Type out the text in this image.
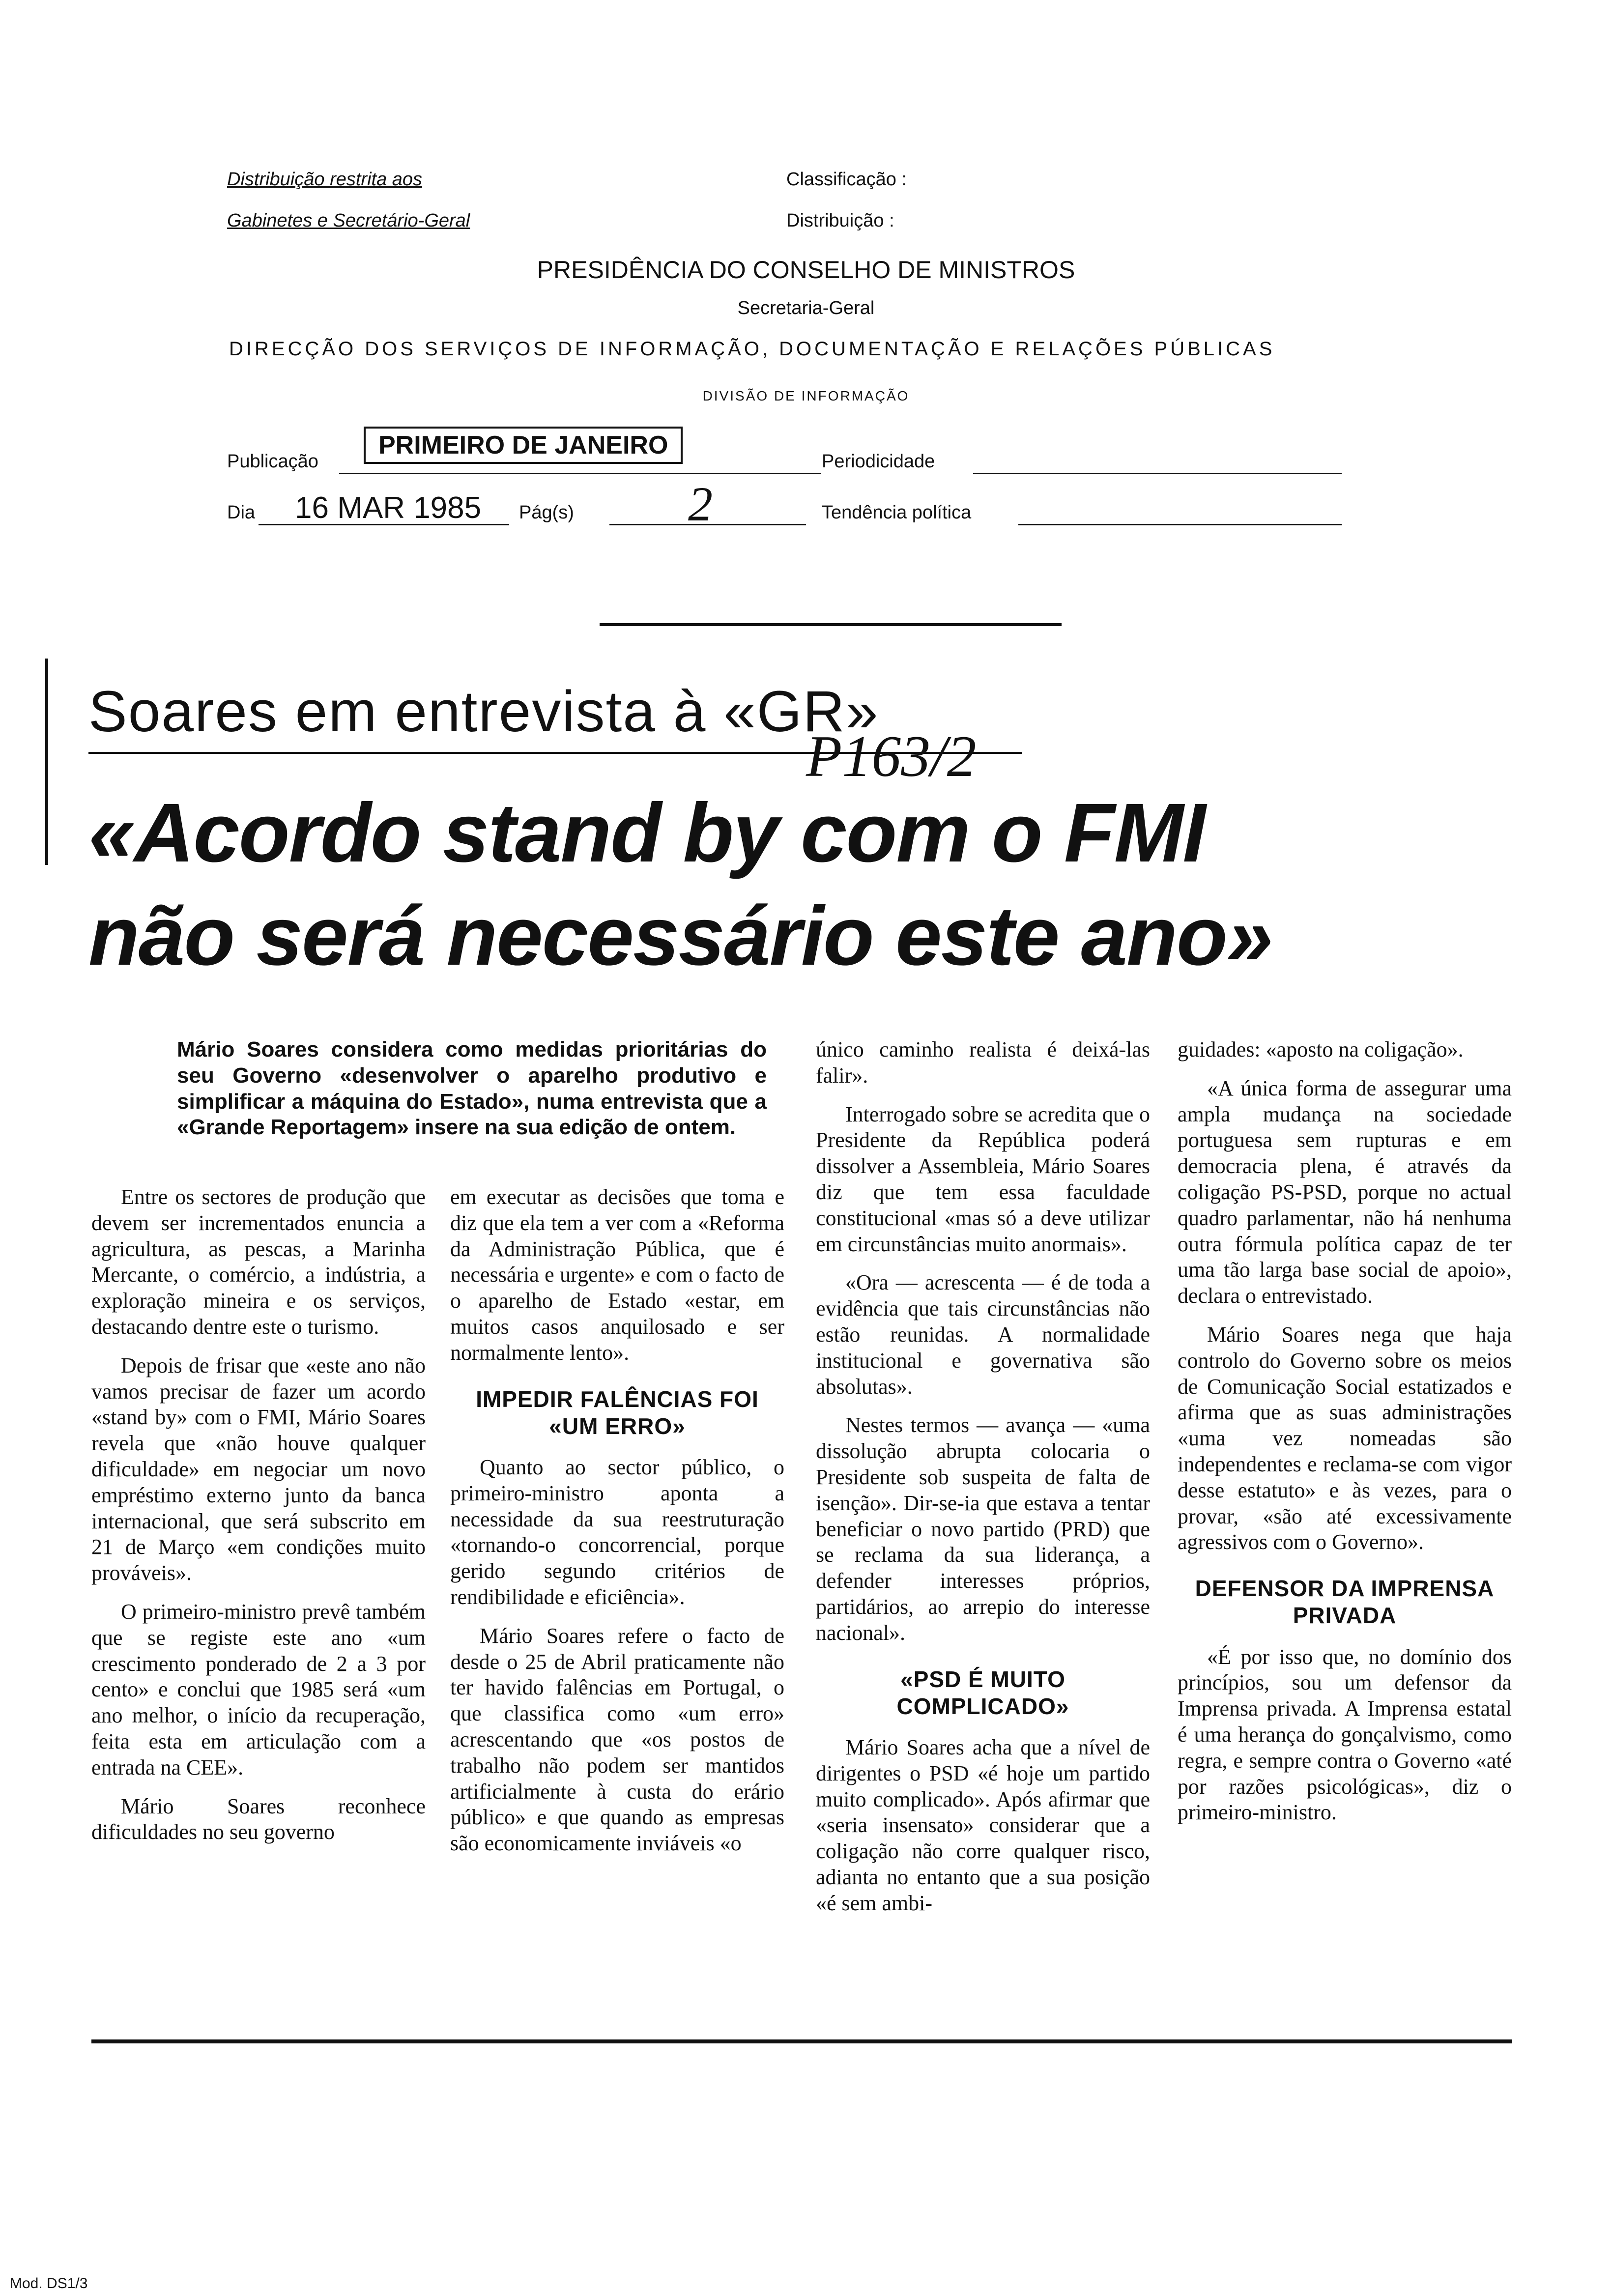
Distribuição restrita aos
Gabinetes e Secretário-Geral
Classificação :
Distribuição :
PRESIDÊNCIA DO CONSELHO DE MINISTROS
Secretaria-Geral
DIRECÇÃO DOS SERVIÇOS DE INFORMAÇÃO, DOCUMENTAÇÃO E RELAÇÕES PÚBLICAS
DIVISÃO DE INFORMAÇÃO
Publicação
PRIMEIRO DE JANEIRO
Periodicidade
Dia 16 MAR 1985 Pág(s) 2	Tendência política
Soares em entrevista à «GR»
P163/2
«Acordo stand by com o FMI
não será necessário este ano»

Mário Soares considera como medidas prioritárias do seu Governo «desenvolver o aparelho produtivo e simplificar a máquina do Estado», numa entrevista que a «Grande Reportagem» insere na sua edição de ontem.

Entre os sectores de produção que devem ser incrementados enuncia a agricultura, as pescas, a Marinha Mercante, o comércio, a indústria, a exploração mineira e os serviços, destacando dentre este o turismo.

Depois de frisar que «este ano não vamos precisar de fazer um acordo «stand by» com o FMI, Mário Soares revela que «não houve qualquer dificuldade» em negociar um novo empréstimo externo junto da banca internacional, que será subscrito em 21 de Março «em condições muito prováveis».

O primeiro-ministro prevê também que se registe este ano «um crescimento ponderado de 2 a 3 por cento» e conclui que 1985 será «um ano melhor, o início da recuperação, feita esta em articulação com a entrada na CEE».

Mário Soares reconhece dificuldades no seu governo

em executar as decisões que toma e diz que ela tem a ver com a «Reforma da Administração Pública, que é necessária e urgente» e com o facto de o aparelho de Estado «estar, em muitos casos anquilosado e ser normalmente lento».

IMPEDIR FALÊNCIAS FOI «UM ERRO»

Quanto ao sector público, o primeiro-ministro aponta a necessidade da sua reestruturação «tornando-o concorrencial, porque gerido segundo critérios de rendibilidade e eficiência».

Mário Soares refere o facto de desde o 25 de Abril praticamente não ter havido falências em Portugal, o que classifica como «um erro» acrescentando que «os postos de trabalho não podem ser mantidos artificialmente à custa do erário público» e que quando as empresas são economicamente inviáveis «o

único caminho realista é deixá-las falir».

Interrogado sobre se acredita que o Presidente da República poderá dissolver a Assembleia, Mário Soares diz que tem essa faculdade constitucional «mas só a deve utilizar em circunstâncias muito anormais».

«Ora — acrescenta — é de toda a evidência que tais circunstâncias não estão reunidas. A normalidade institucional e governativa são absolutas».

Nestes termos — avança — «uma dissolução abrupta colocaria o Presidente sob suspeita de falta de isenção». Dir-se-ia que estava a tentar beneficiar o novo partido (PRD) que se reclama da sua liderança, a defender interesses próprios, partidários, ao arrepio do interesse nacional».

«PSD É MUITO COMPLICADO»

Mário Soares acha que a nível de dirigentes o PSD «é hoje um partido muito complicado». Após afirmar que «seria insensato» considerar que a coligação não corre qualquer risco, adianta no entanto que a sua posição «é sem ambi-

guidades: «aposto na coligação».

«A única forma de assegurar uma ampla mudança na sociedade portuguesa sem rupturas e em democracia plena, é através da coligação PS-PSD, porque no actual quadro parlamentar, não há nenhuma outra fórmula política capaz de ter uma tão larga base social de apoio», declara o entrevistado.

Mário Soares nega que haja controlo do Governo sobre os meios de Comunicação Social estatizados e afirma que as suas administrações «uma vez nomeadas são independentes e reclama-se com vigor desse estatuto» e às vezes, para o provar, «são até excessivamente agressivos com o Governo».

DEFENSOR DA IMPRENSA PRIVADA

«É por isso que, no domínio dos princípios, sou um defensor da Imprensa privada. A Imprensa estatal é uma herança do gonçalvismo, como regra, e sempre contra o Governo «até por razões psicológicas», diz o primeiro-ministro.

Mod. DS1/3
